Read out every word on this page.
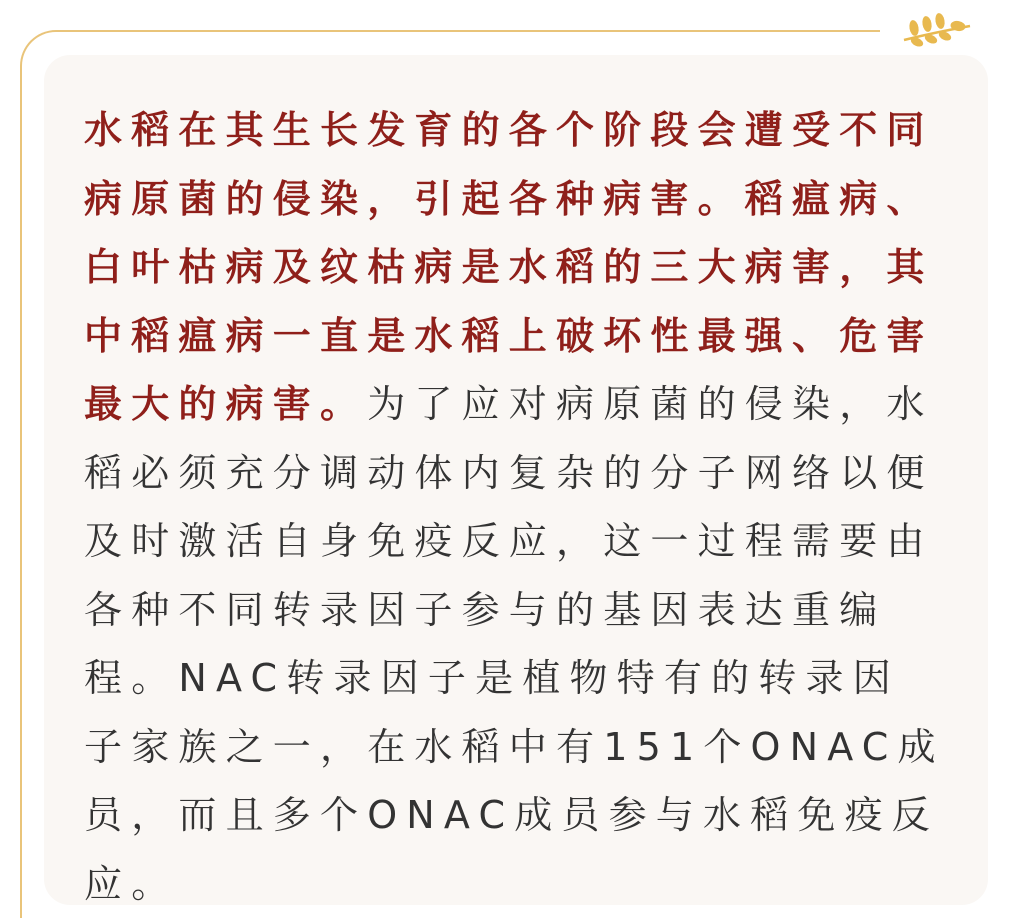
水稻在其生长发育的各个阶段会遭受不同病原菌的侵染，引起各种病害。稻瘟病、白叶枯病及纹枯病是水稻的三大病害，其中稻瘟病一直是水稻上破坏性最强、危害最大的病害。为了应对病原菌的侵染，水稻必须充分调动体内复杂的分子网络以便及时激活自身免疫反应，这一过程需要由各种不同转录因子参与的基因表达重编程。NAC转录因子是植物特有的转录因子家族之一，在水稻中有151个ONAC成员，而且多个ONAC成员参与水稻免疫反应。
